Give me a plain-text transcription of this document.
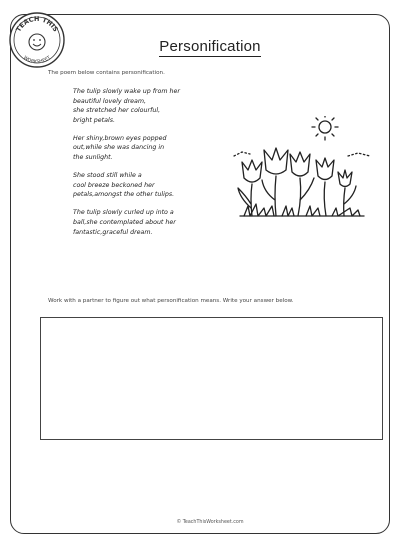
TEACH THIS
WORKSHEET
Personification
The poem below contains personification.
The tulip slowly wake up from her
beautiful lovely dream,
she stretched her colourful,
bright petals.
Her shiny,brown eyes popped
out,while she was dancing in
the sunlight.
She stood still while a
cool breeze beckoned her
petals,amongst the other tulips.
The tulip slowly curled up into a
ball,she contemplated about her
fantastic,graceful dream.
Work with a partner to figure out what personification means. Write your answer below.
© TeachThisWorksheet.com
